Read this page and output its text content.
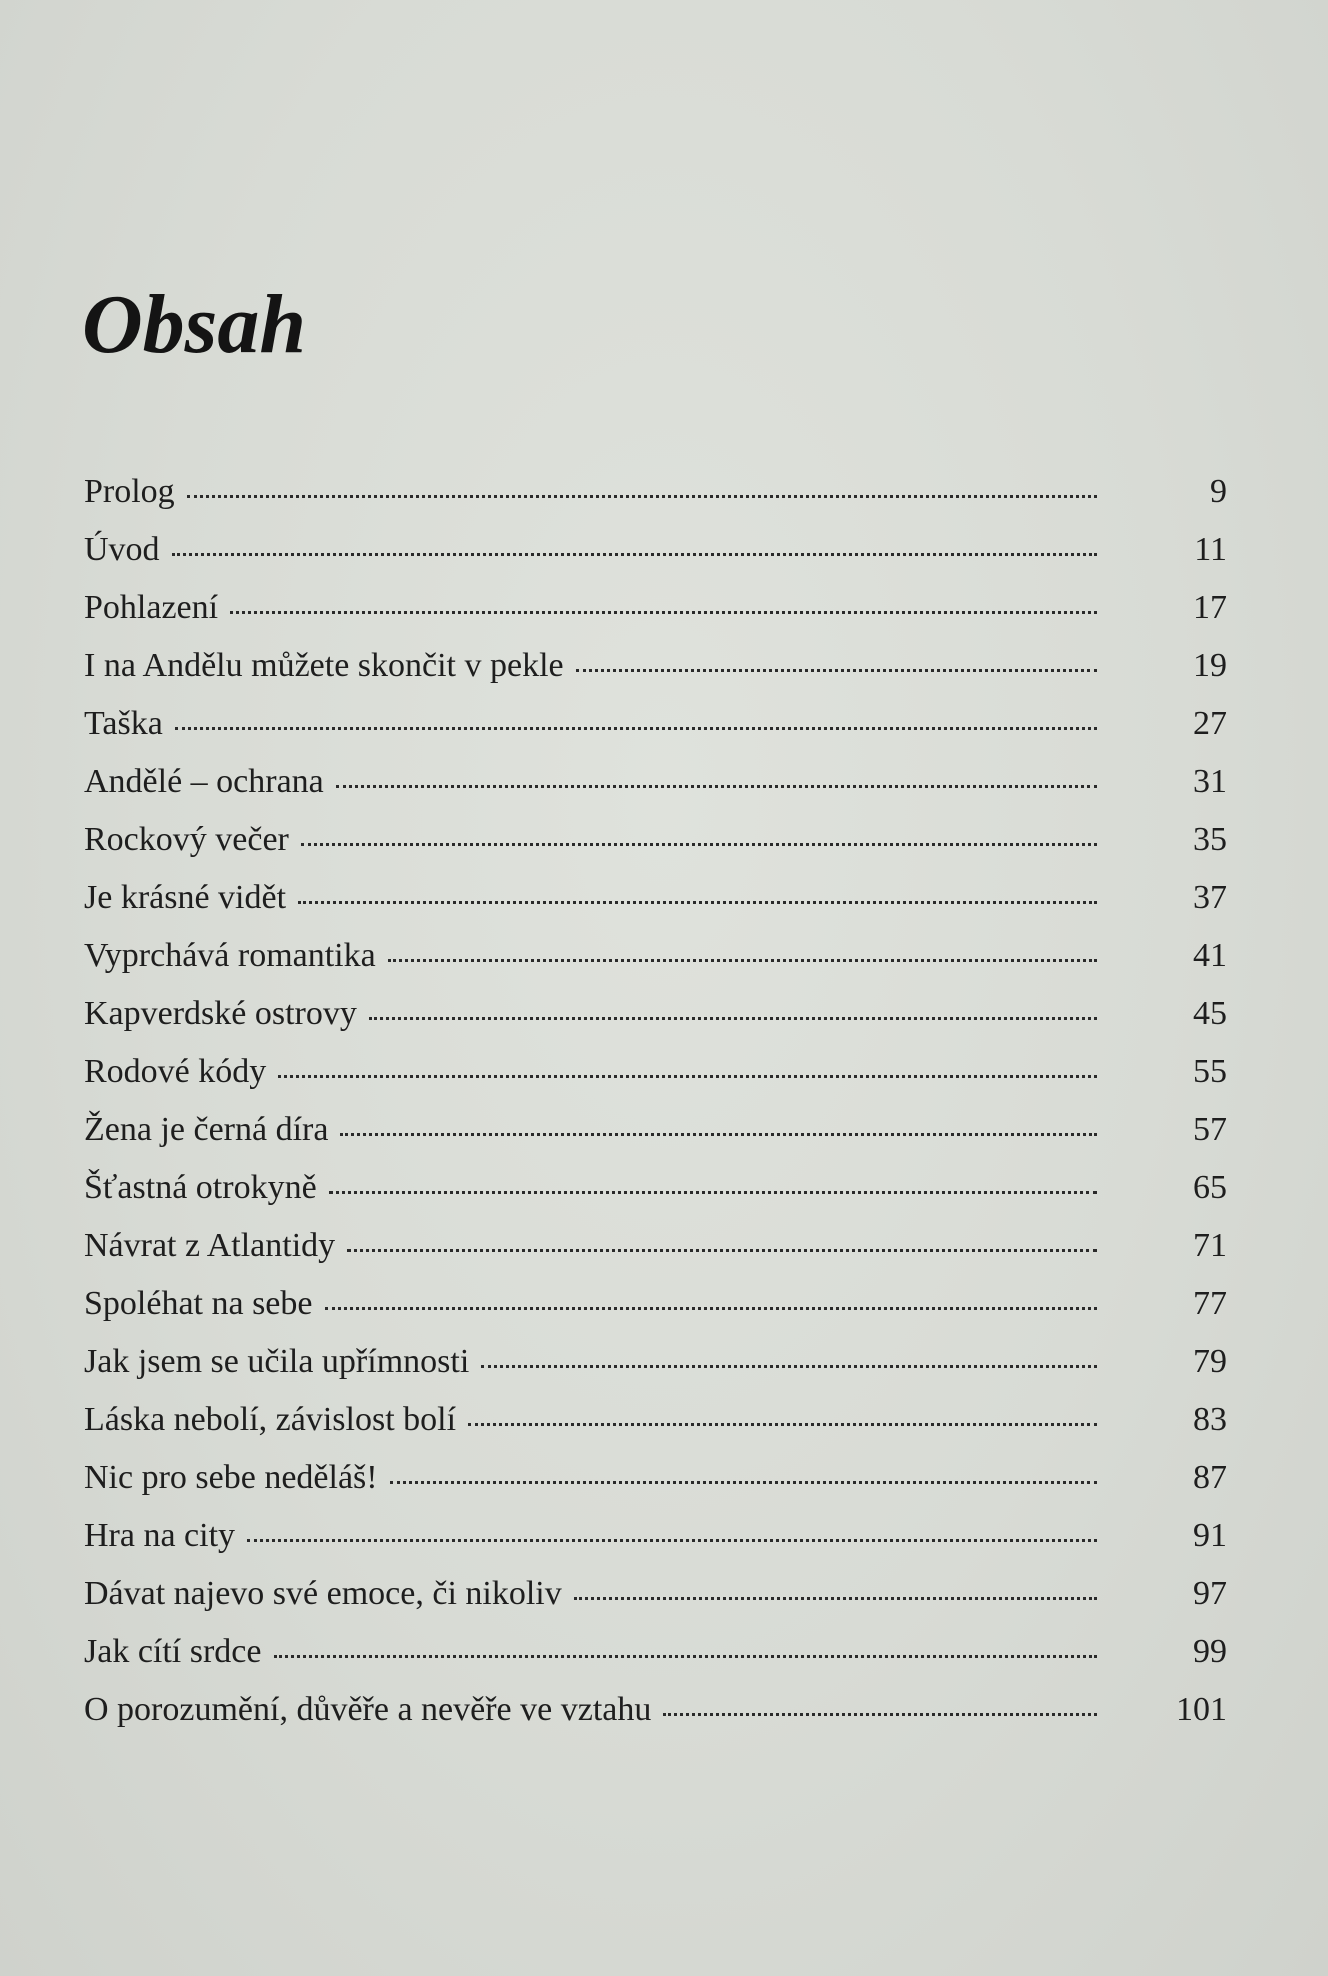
Obsah
Prolog	9
Úvod	11
Pohlazení	17
I na Andělu můžete skončit v pekle	19
Taška	27
Andělé – ochrana	31
Rockový večer	35
Je krásné vidět	37
Vyprchává romantika	41
Kapverdské ostrovy	45
Rodové kódy	55
Žena je černá díra	57
Šťastná otrokyně	65
Návrat z Atlantidy	71
Spoléhat na sebe	77
Jak jsem se učila upřímnosti	79
Láska nebolí, závislost bolí	83
Nic pro sebe neděláš!	87
Hra na city	91
Dávat najevo své emoce, či nikoliv	97
Jak cítí srdce	99
O porozumění, důvěře a nevěře ve vztahu	101
